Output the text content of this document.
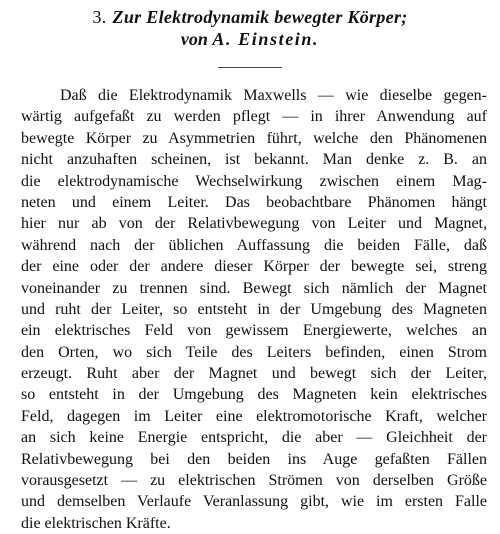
3. Zur Elektrodynamik bewegter Körper;
von A. Einstein.
Daß die Elektrodynamik Maxwells — wie dieselbe gegen-
wärtig aufgefaßt zu werden pflegt — in ihrer Anwendung auf
bewegte Körper zu Asymmetrien führt, welche den Phänomenen
nicht anzuhaften scheinen, ist bekannt. Man denke z. B. an
die elektrodynamische Wechselwirkung zwischen einem Mag-
neten und einem Leiter. Das beobachtbare Phänomen hängt
hier nur ab von der Relativbewegung von Leiter und Magnet,
während nach der üblichen Auffassung die beiden Fälle, daß
der eine oder der andere dieser Körper der bewegte sei, streng
voneinander zu trennen sind. Bewegt sich nämlich der Magnet
und ruht der Leiter, so entsteht in der Umgebung des Magneten
ein elektrisches Feld von gewissem Energiewerte, welches an
den Orten, wo sich Teile des Leiters befinden, einen Strom
erzeugt. Ruht aber der Magnet und bewegt sich der Leiter,
so entsteht in der Umgebung des Magneten kein elektrisches
Feld, dagegen im Leiter eine elektromotorische Kraft, welcher
an sich keine Energie entspricht, die aber — Gleichheit der
Relativbewegung bei den beiden ins Auge gefaßten Fällen
vorausgesetzt — zu elektrischen Strömen von derselben Größe
und demselben Verlaufe Veranlassung gibt, wie im ersten Falle
die elektrischen Kräfte.
